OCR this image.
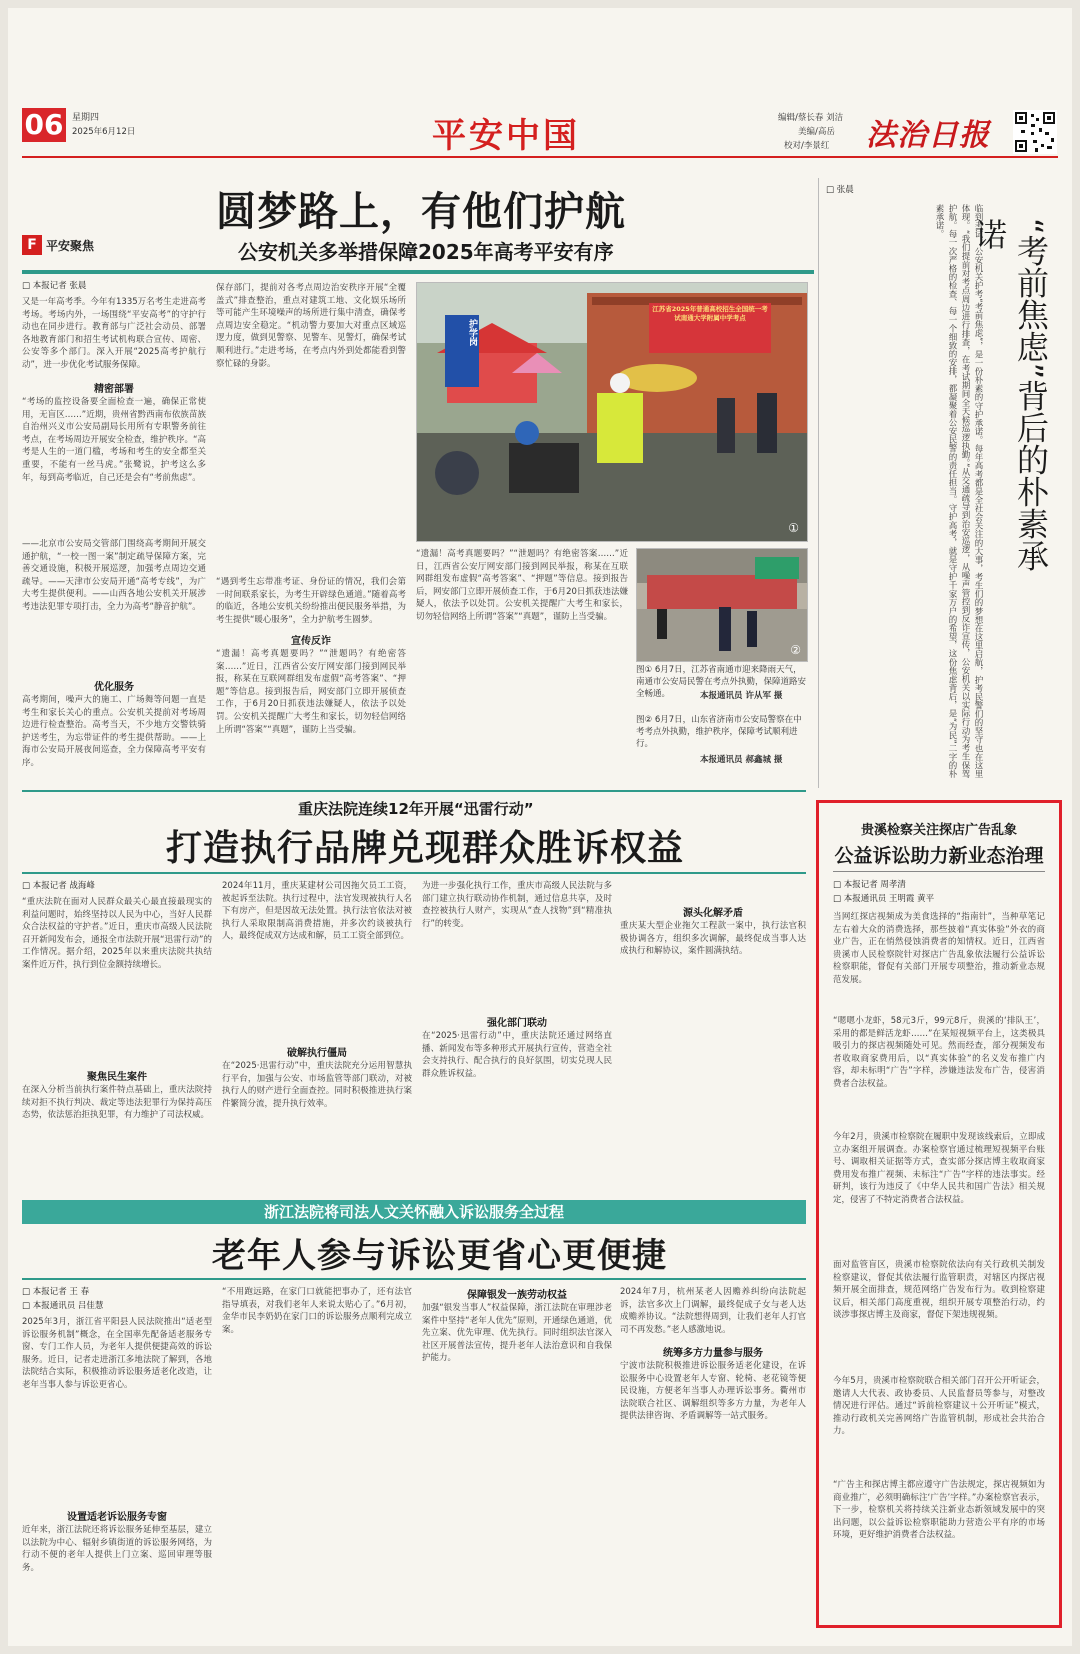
06 星期四
2025年6月12日	平安中国	编辑/蔡长春 刘洁
美编/高岳
校对/李景红 法治日报
F 平安聚焦
圆梦路上，有他们护航
公安机关多举措保障2025年高考平安有序
□ 本报记者 张晨
又是一年高考季。今年有1335万名考生走进高考考场。考场内外，一场围绕“平安高考”的守护行动也在同步进行。教育部与广泛社会动员、部署各地教育部门和招生考试机构联合宣传、周密、公安等多个部门。深入开展“2025高考护航行动”，进一步优化考试服务保障。
精密部署
“考场的监控设备要全面检查一遍，确保正常使用，无盲区……”近期，贵州省黔西南布依族苗族自治州兴义市公安局副局长用所有专职警务前往考点，在考场周边开展安全检查，维护秩序。“高考是人生的一道门槛，考场和考生的安全都至关重要，不能有一丝马虎。”张鹭说，护考这么多年，每到高考临近，自己还是会有“考前焦虑”。
——北京市公安局交管部门围绕高考期间开展交通护航，“一校一图一案”制定疏导保障方案，完善交通设施，积极开展巡逻，加强考点周边交通疏导。——天津市公安局开通“高考专线”，为广大考生提供便利。——山西各地公安机关开展涉考违法犯罪专项打击，全力为高考“静音护航”。
优化服务
高考期间，噪声大的施工、广场舞等问题一直是考生和家长关心的重点。公安机关提前对考场周边进行检查整治。高考当天，不少地方交警铁骑护送考生，为忘带证件的考生提供帮助。——上海市公安局开展夜间巡查，全力保障高考平安有序。
保存部门，提前对各考点周边治安秩序开展“全覆盖式”排查整治，重点对建筑工地、文化娱乐场所等可能产生环境噪声的场所进行集中清查，确保考点周边安全稳定。“机动警力要加大对重点区域巡逻力度，做到见警察、见警车、见警灯，确保考试顺利进行。”走进考场，在考点内外到处都能看到警察忙碌的身影。
“遇到考生忘带准考证、身份证的情况，我们会第一时间联系家长，为考生开辟绿色通道。”随着高考的临近，各地公安机关纷纷推出便民服务举措，为考生提供“暖心服务”，全力护航考生圆梦。
宣传反诈
“遗漏！高考真题要吗？”“泄题吗？有绝密答案……”近日，江西省公安厅网安部门接到网民举报，称某在互联网群组发布虚假“高考答案”、“押题”等信息。接到报告后，网安部门立即开展侦查工作，于6月20日抓获违法嫌疑人，依法予以处罚。公安机关提醒广大考生和家长，切勿轻信网络上所谓“答案”“真题”，谨防上当受骗。
护学岗
江苏省2025年普通高校招生全国统一考试南通大学附属中学考点
①
②
“遗漏！高考真题要吗？”“泄题吗？有绝密答案……”近日，江西省公安厅网安部门接到网民举报，称某在互联网群组发布虚假“高考答案”、“押题”等信息。接到报告后，网安部门立即开展侦查工作，于6月20日抓获违法嫌疑人，依法予以处罚。公安机关提醒广大考生和家长，切勿轻信网络上所谓“答案”“真题”，谨防上当受骗。
图① 6月7日，江苏省南通市迎来降雨天气，南通市公安局民警在考点外执勤，保障道路安全畅通。	本报通讯员 许从军 摄
图② 6月7日，山东省济南市公安局警察在中考考点外执勤，维护秩序，保障考试顺利进行。
本报通讯员 郝鑫城 摄
□ 张晨
临到考试，公安机关护考“考前焦虑”，是一份朴素的守护承诺。每年高考都是全社会关注的大事，考生们的梦想在这里启航，护考民警们的坚守也在这里体现。“我们提前对考点周边进行排查，在考试期间全天候巡逻执勤。”从交通疏导到治安巡逻，从噪声管控到反诈宣传，公安机关以实际行动为考生保驾护航。每一次严格的检查、每一个细致的安排，都凝聚着公安民警的责任担当。守护高考，就是守护千家万户的希望，这份焦虑背后，是“为民”二字的朴素承诺。	“考前焦虑”背后的朴素承诺
重庆法院连续12年开展“迅雷行动”
打造执行品牌兑现群众胜诉权益
□ 本报记者 战海峰
“重庆法院在面对人民群众最关心最直接最现实的利益问题时，始终坚持以人民为中心，当好人民群众合法权益的守护者。”近日，重庆市高级人民法院召开新闻发布会，通报全市法院开展“迅雷行动”的工作情况。据介绍，2025年以来重庆法院共执结案件近万件，执行到位金额持续增长。
聚焦民生案件
在深入分析当前执行案件特点基础上，重庆法院持续对拒不执行判决、裁定等违法犯罪行为保持高压态势，依法惩治拒执犯罪，有力维护了司法权威。
2024年11月，重庆某建材公司因拖欠员工工资，被起诉至法院。执行过程中，法官发现被执行人名下有房产，但是因故无法处置。执行法官依法对被执行人采取限制高消费措施，并多次约谈被执行人，最终促成双方达成和解，员工工资全部到位。
破解执行僵局
在“2025·迅雷行动”中，重庆法院充分运用智慧执行平台，加强与公安、市场监管等部门联动，对被执行人的财产进行全面查控。同时积极推进执行案件繁简分流，提升执行效率。
为进一步强化执行工作，重庆市高级人民法院与多部门建立执行联动协作机制，通过信息共享，及时查控被执行人财产，实现从“查人找物”到“精准执行”的转变。
强化部门联动
在“2025·迅雷行动”中，重庆法院还通过网络直播、新闻发布等多种形式开展执行宣传，营造全社会支持执行、配合执行的良好氛围，切实兑现人民群众胜诉权益。
源头化解矛盾
重庆某大型企业拖欠工程款一案中，执行法官积极协调各方，组织多次调解，最终促成当事人达成执行和解协议，案件圆满执结。
浙江法院将司法人文关怀融入诉讼服务全过程
老年人参与诉讼更省心更便捷
□ 本报记者 王 春
□ 本报通讯员 吕佳慧
2025年3月，浙江省平阳县人民法院推出“适老型诉讼服务机制”概念，在全国率先配备适老服务专窗、专门工作人员，为老年人提供便捷高效的诉讼服务。近日，记者走进浙江多地法院了解到，各地法院结合实际，积极推动诉讼服务适老化改造，让老年当事人参与诉讼更省心。
设置适老诉讼服务专窗
近年来，浙江法院还将诉讼服务延伸至基层，建立以法院为中心、辐射乡镇街道的诉讼服务网络，为行动不便的老年人提供上门立案、巡回审理等服务。
“不用跑远路，在家门口就能把事办了，还有法官指导填表，对我们老年人来说太贴心了。”6月初，金华市民李奶奶在家门口的诉讼服务点顺利完成立案。
保障银发一族劳动权益
加强“银发当事人”权益保障，浙江法院在审理涉老案件中坚持“老年人优先”原则，开通绿色通道，优先立案、优先审理、优先执行。同时组织法官深入社区开展普法宣传，提升老年人法治意识和自我保护能力。
2024年7月，杭州某老人因赡养纠纷向法院起诉，法官多次上门调解，最终促成子女与老人达成赡养协议。“法院想得周到，让我们老年人打官司不再发愁。”老人感激地说。
统筹多方力量参与服务
宁波市法院积极推进诉讼服务适老化建设，在诉讼服务中心设置老年人专窗、轮椅、老花镜等便民设施，方便老年当事人办理诉讼事务。衢州市法院联合社区、调解组织等多方力量，为老年人提供法律咨询、矛盾调解等一站式服务。
贵溪检察关注探店广告乱象
公益诉讼助力新业态治理
□ 本报记者 周孝清
□ 本报通讯员 王明霞 黄平
当网红探店视频成为美食选择的“指南针”，当种草笔记左右着大众的消费选择，那些披着“真实体验”外衣的商业广告，正在悄然侵蚀消费者的知情权。近日，江西省贵溪市人民检察院针对探店广告乱象依法履行公益诉讼检察职能，督促有关部门开展专项整治，推动新业态规范发展。
“嗯嗯小龙虾，58元3斤，99元8斤，贵溪的‘排队王’，采用的都是鲜活龙虾……”在某短视频平台上，这类极具吸引力的探店视频随处可见。然而经查，部分视频发布者收取商家费用后，以“真实体验”的名义发布推广内容，却未标明“广告”字样，涉嫌违法发布广告，侵害消费者合法权益。
今年2月，贵溪市检察院在履职中发现该线索后，立即成立办案组开展调查。办案检察官通过梳理短视频平台账号、调取相关证据等方式，查实部分探店博主收取商家费用发布推广视频、未标注“广告”字样的违法事实。经研判，该行为违反了《中华人民共和国广告法》相关规定，侵害了不特定消费者合法权益。
面对监管盲区，贵溪市检察院依法向有关行政机关制发检察建议，督促其依法履行监管职责，对辖区内探店视频开展全面排查，规范网络广告发布行为。收到检察建议后，相关部门高度重视，组织开展专项整治行动，约谈涉事探店博主及商家，督促下架违规视频。
今年5月，贵溪市检察院联合相关部门召开公开听证会，邀请人大代表、政协委员、人民监督员等参与，对整改情况进行评估。通过“诉前检察建议＋公开听证”模式，推动行政机关完善网络广告监管机制，形成社会共治合力。
“广告主和探店博主都应遵守广告法规定，探店视频如为商业推广，必须明确标注‘广告’字样。”办案检察官表示，下一步，检察机关将持续关注新业态新领域发展中的突出问题，以公益诉讼检察职能助力营造公平有序的市场环境，更好维护消费者合法权益。
